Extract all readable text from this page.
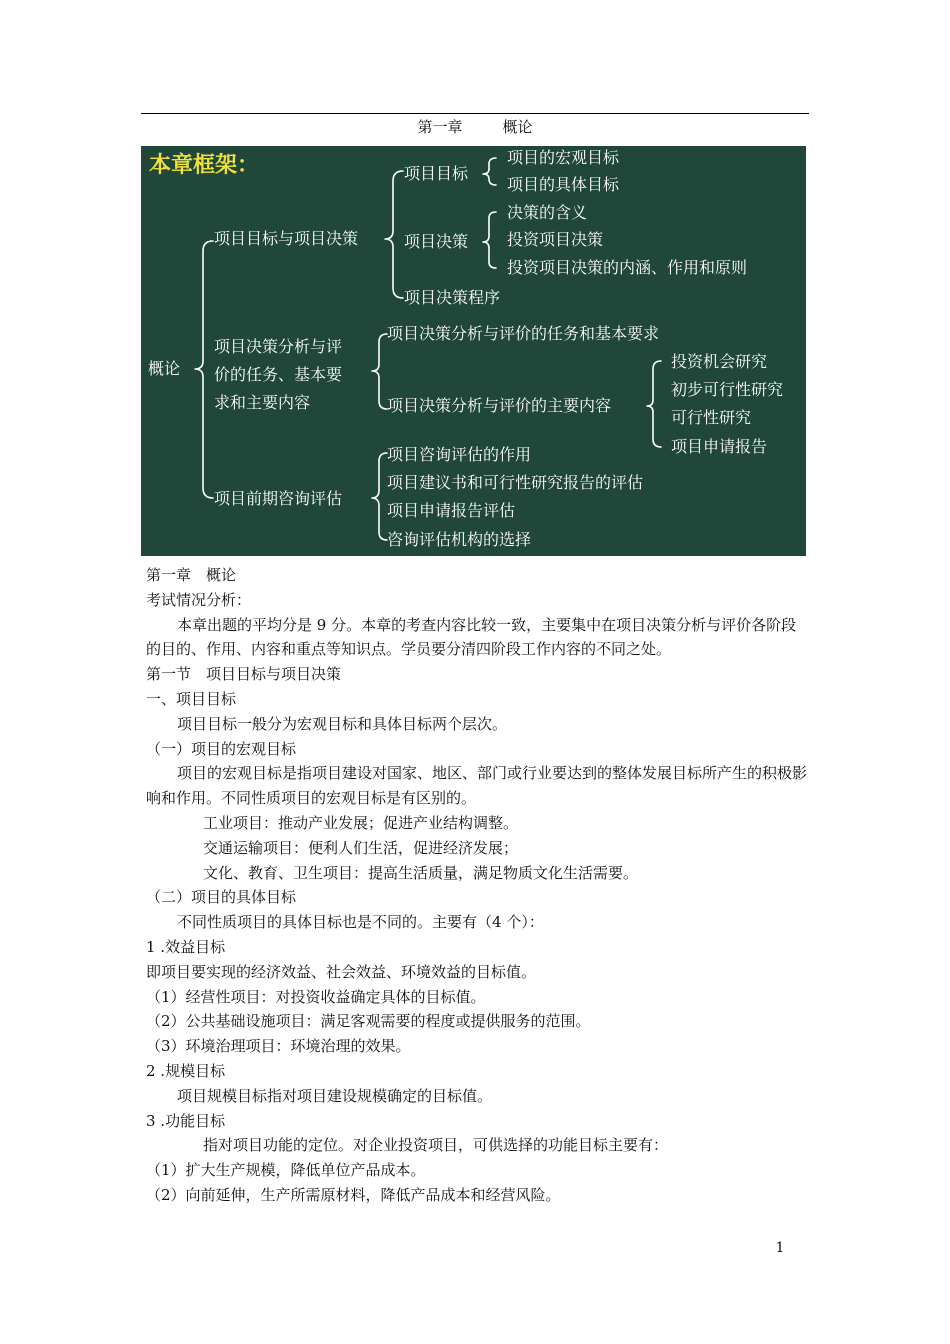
第一章	概论
本章框架：
概论
项目目标与项目决策
项目决策分析与评
价的任务、基本要
求和主要内容
项目前期咨询评估
项目目标
项目的宏观目标
项目的具体目标
项目决策
决策的含义
投资项目决策
投资项目决策的内涵、作用和原则
项目决策程序
项目决策分析与评价的任务和基本要求
项目决策分析与评价的主要内容
投资机会研究
初步可行性研究
可行性研究
项目申请报告
项目咨询评估的作用
项目建议书和可行性研究报告的评估
项目申请报告评估
咨询评估机构的选择

第一章　概论

考试情况分析：

本章出题的平均分是 9 分。本章的考查内容比较一致，主要集中在项目决策分析与评价各阶段的目的、作用、内容和重点等知识点。学员要分清四阶段工作内容的不同之处。

第一节　项目目标与项目决策

一、项目目标

项目目标一般分为宏观目标和具体目标两个层次。

（一）项目的宏观目标

项目的宏观目标是指项目建设对国家、地区、部门或行业要达到的整体发展目标所产生的积极影响和作用。不同性质项目的宏观目标是有区别的。

工业项目：推动产业发展；促进产业结构调整。

交通运输项目：便利人们生活，促进经济发展；

文化、教育、卫生项目：提高生活质量，满足物质文化生活需要。

（二）项目的具体目标

不同性质项目的具体目标也是不同的。主要有（4 个）：

1 .效益目标

即项目要实现的经济效益、社会效益、环境效益的目标值。

（1）经营性项目：对投资收益确定具体的目标值。

（2）公共基础设施项目：满足客观需要的程度或提供服务的范围。

（3）环境治理项目：环境治理的效果。

2 .规模目标

项目规模目标指对项目建设规模确定的目标值。

3 .功能目标

指对项目功能的定位。对企业投资项目，可供选择的功能目标主要有：

（1）扩大生产规模，降低单位产品成本。

（2）向前延伸，生产所需原材料，降低产品成本和经营风险。

1
